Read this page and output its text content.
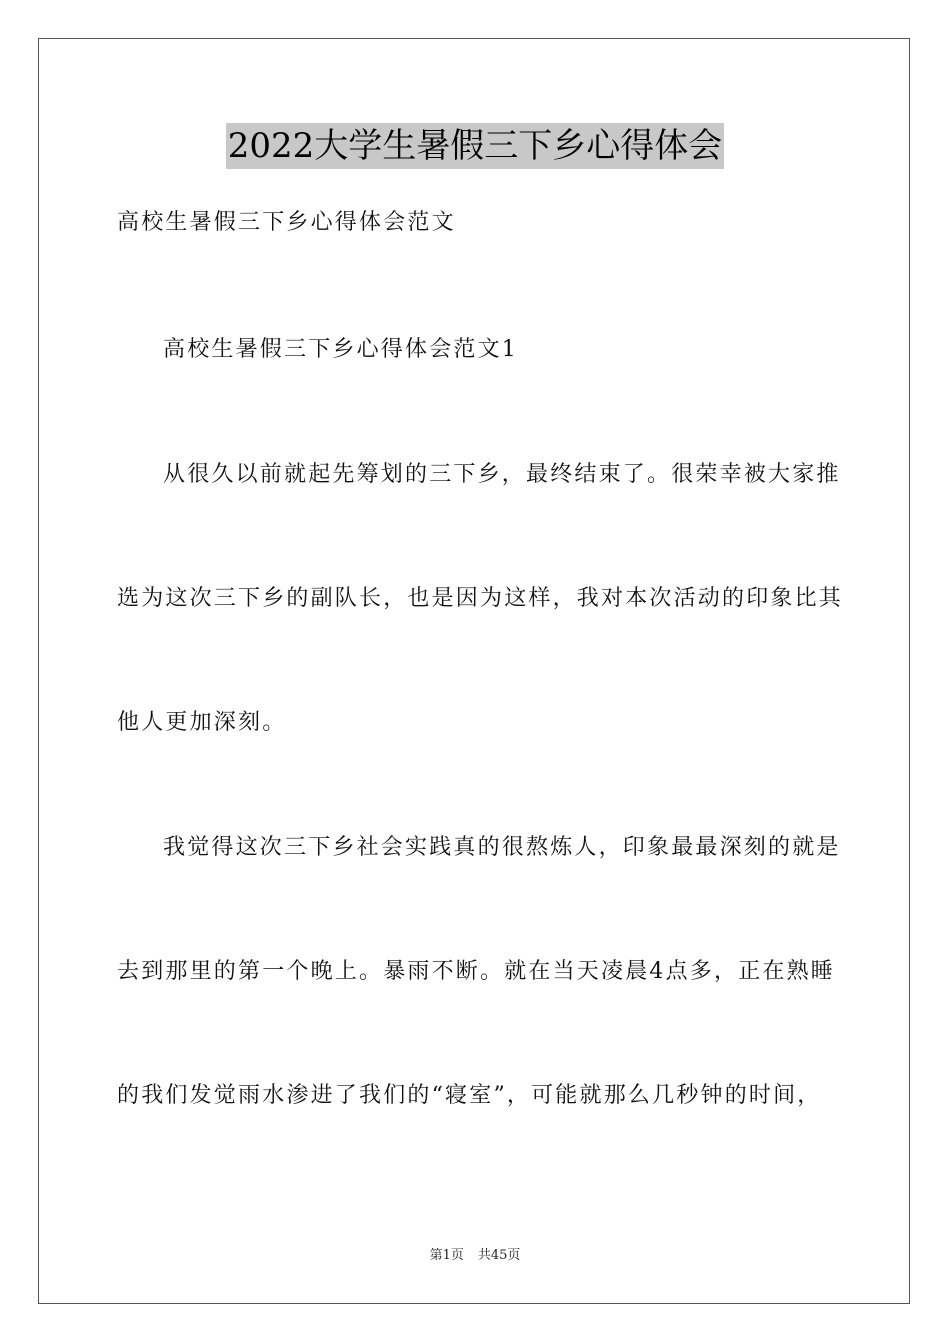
2022大学生暑假三下乡心得体会
高校生暑假三下乡心得体会范文
高校生暑假三下乡心得体会范文1
从很久以前就起先筹划的三下乡，最终结束了。很荣幸被大家推
选为这次三下乡的副队长，也是因为这样，我对本次活动的印象比其
他人更加深刻。
我觉得这次三下乡社会实践真的很熬炼人，印象最最深刻的就是
去到那里的第一个晚上。暴雨不断。就在当天凌晨4点多，正在熟睡
的我们发觉雨水渗进了我们的“寝室”，可能就那么几秒钟的时间，
第1页 共45页
